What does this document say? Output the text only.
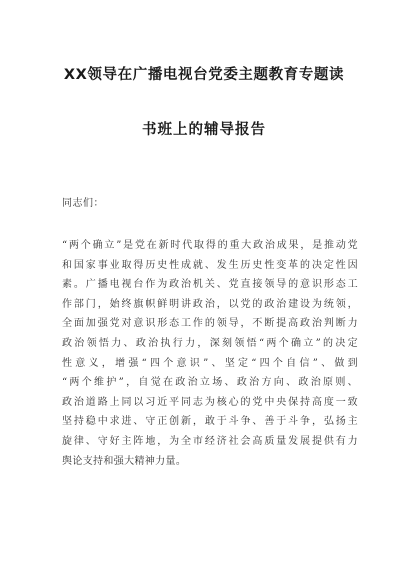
XX领导在广播电视台党委主题教育专题读
书班上的辅导报告
同志们：
“两个确立”是党在新时代取得的重大政治成果，是推动党
和国家事业取得历史性成就、发生历史性变革的决定性因
素。广播电视台作为政治机关、党直接领导的意识形态工
作部门，始终旗帜鲜明讲政治，以党的政治建设为统领，
全面加强党对意识形态工作的领导，不断提高政治判断力
政治领悟力、政治执行力，深刻领悟“两个确立”的决定
性意义，增强“四个意识”、坚定“四个自信”、做到
“两个维护”，自觉在政治立场、政治方向、政治原则、
政治道路上同以习近平同志为核心的党中央保持高度一致
坚持稳中求进、守正创新，敢于斗争、善于斗争，弘扬主
旋律、守好主阵地，为全市经济社会高质量发展提供有力
舆论支持和强大精神力量。
